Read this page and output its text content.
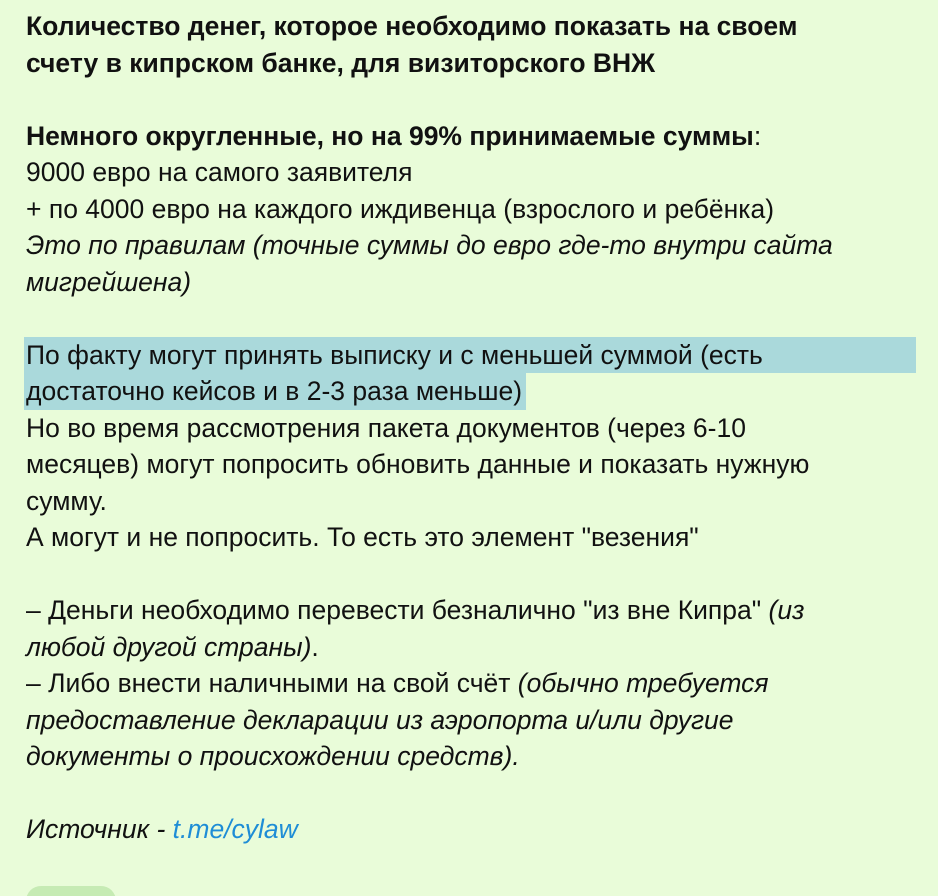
Количество денег, которое необходимо показать на своем
счету в кипрском банке, для визиторского ВНЖ
Немного округленные, но на 99% принимаемые суммы:
9000 евро на самого заявителя
+ по 4000 евро на каждого иждивенца (взрослого и ребёнка)
Это по правилам (точные суммы до евро где-то внутри сайта
мигрейшена)
По факту могут принять выписку и с меньшей суммой (есть
достаточно кейсов и в 2-3 раза меньше)
Но во время рассмотрения пакета документов (через 6-10
месяцев) могут попросить обновить данные и показать нужную
сумму.
А могут и не попросить. То есть это элемент "везения"
– Деньги необходимо перевести безналично "из вне Кипра" (из
любой другой страны).
– Либо внести наличными на свой счёт (обычно требуется
предоставление декларации из аэропорта и/или другие
документы о происхождении средств).
Источник - t.me/cylaw
